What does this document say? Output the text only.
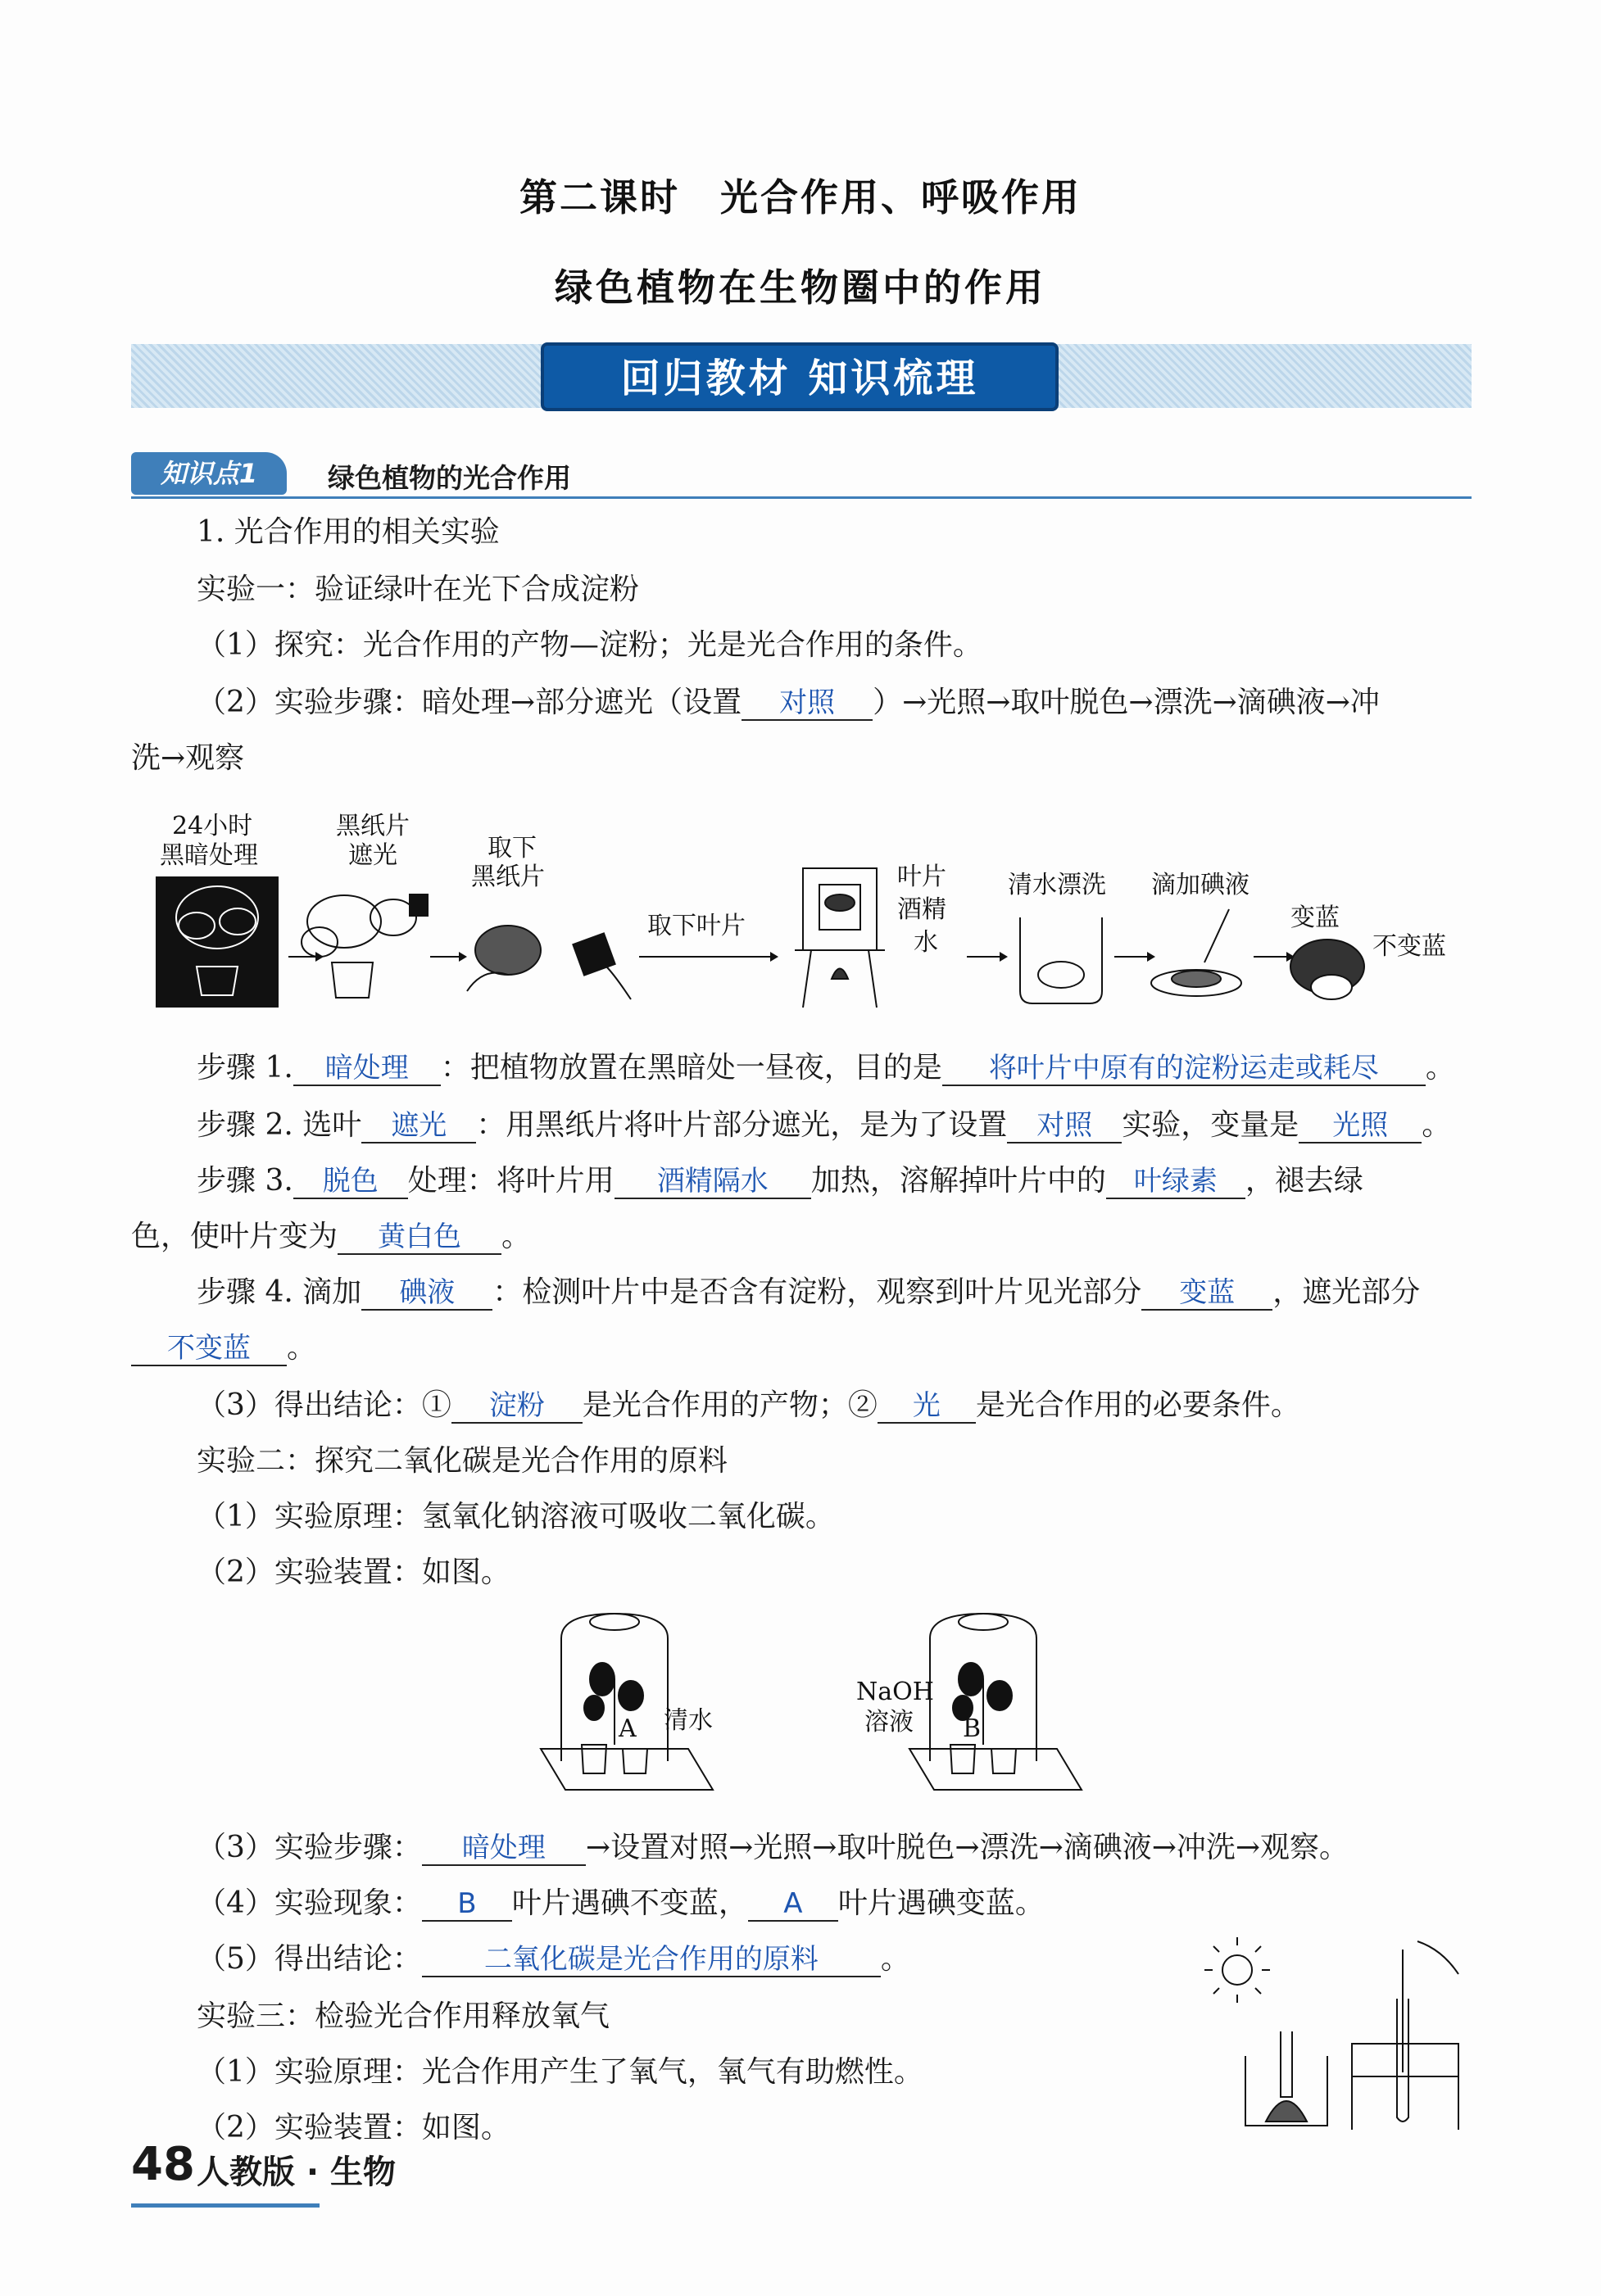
第二课时　光合作用、呼吸作用
绿色植物在生物圈中的作用
回归教材 知识梳理
知识点1	绿色植物的光合作用
1. 光合作用的相关实验
实验一：验证绿叶在光下合成淀粉
（1）探究：光合作用的产物—淀粉；光是光合作用的条件。
（2）实验步骤：暗处理→部分遮光（设置 对照 ）→光照→取叶脱色→漂洗→滴碘液→冲
洗→观察
24小时
黑暗处理
黑纸片
遮光	取下
黑纸片
取下叶片
叶片
酒精
水
清水漂洗 滴加碘液
变蓝
不变蓝
步骤 1. 暗处理 ：把植物放置在黑暗处一昼夜，目的是 将叶片中原有的淀粉运走或耗尽 。
步骤 2. 选叶 遮光 ：用黑纸片将叶片部分遮光，是为了设置 对照 实验，变量是 光照 。
步骤 3. 脱色 处理：将叶片用 酒精隔水 加热，溶解掉叶片中的 叶绿素 ，褪去绿
色，使叶片变为 黄白色 。
步骤 4. 滴加 碘液 ：检测叶片中是否含有淀粉，观察到叶片见光部分 变蓝 ，遮光部分
不变蓝 。
（3）得出结论：① 淀粉 是光合作用的产物；② 光 是光合作用的必要条件。
实验二：探究二氧化碳是光合作用的原料
（1）实验原理：氢氧化钠溶液可吸收二氧化碳。
（2）实验装置：如图。
A 清水	B
NaOH
溶液
（3）实验步骤： 暗处理 →设置对照→光照→取叶脱色→漂洗→滴碘液→冲洗→观察。
（4）实验现象： B 叶片遇碘不变蓝， A 叶片遇碘变蓝。
（5）得出结论： 二氧化碳是光合作用的原料 。
实验三：检验光合作用释放氧气
（1）实验原理：光合作用产生了氧气，氧气有助燃性。
（2）实验装置：如图。
48 人教版 · 生物
